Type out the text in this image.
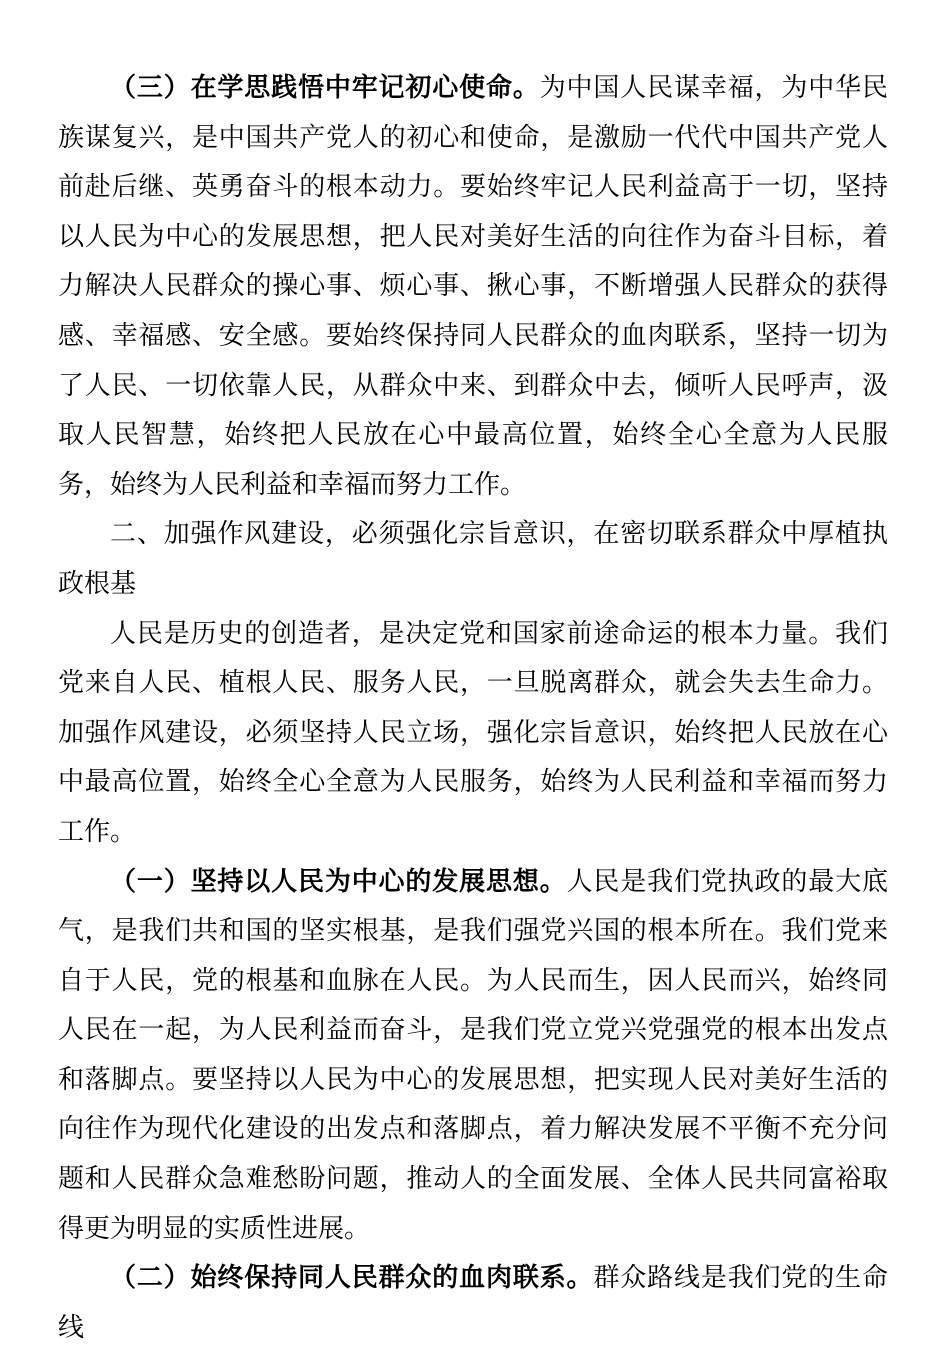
（三）在学思践悟中牢记初心使命。为中国人民谋幸福，为中华民族谋复兴，是中国共产党人的初心和使命，是激励一代代中国共产党人前赴后继、英勇奋斗的根本动力。要始终牢记人民利益高于一切，坚持以人民为中心的发展思想，把人民对美好生活的向往作为奋斗目标，着力解决人民群众的操心事、烦心事、揪心事，不断增强人民群众的获得感、幸福感、安全感。要始终保持同人民群众的血肉联系，坚持一切为了人民、一切依靠人民，从群众中来、到群众中去，倾听人民呼声，汲取人民智慧，始终把人民放在心中最高位置，始终全心全意为人民服务，始终为人民利益和幸福而努力工作。

二、加强作风建设，必须强化宗旨意识，在密切联系群众中厚植执政根基

人民是历史的创造者，是决定党和国家前途命运的根本力量。我们党来自人民、植根人民、服务人民，一旦脱离群众，就会失去生命力。加强作风建设，必须坚持人民立场，强化宗旨意识，始终把人民放在心中最高位置，始终全心全意为人民服务，始终为人民利益和幸福而努力工作。

（一）坚持以人民为中心的发展思想。人民是我们党执政的最大底气，是我们共和国的坚实根基，是我们强党兴国的根本所在。我们党来自于人民，党的根基和血脉在人民。为人民而生，因人民而兴，始终同人民在一起，为人民利益而奋斗，是我们党立党兴党强党的根本出发点和落脚点。要坚持以人民为中心的发展思想，把实现人民对美好生活的向往作为现代化建设的出发点和落脚点，着力解决发展不平衡不充分问题和人民群众急难愁盼问题，推动人的全面发展、全体人民共同富裕取得更为明显的实质性进展。

（二）始终保持同人民群众的血肉联系。群众路线是我们党的生命线
